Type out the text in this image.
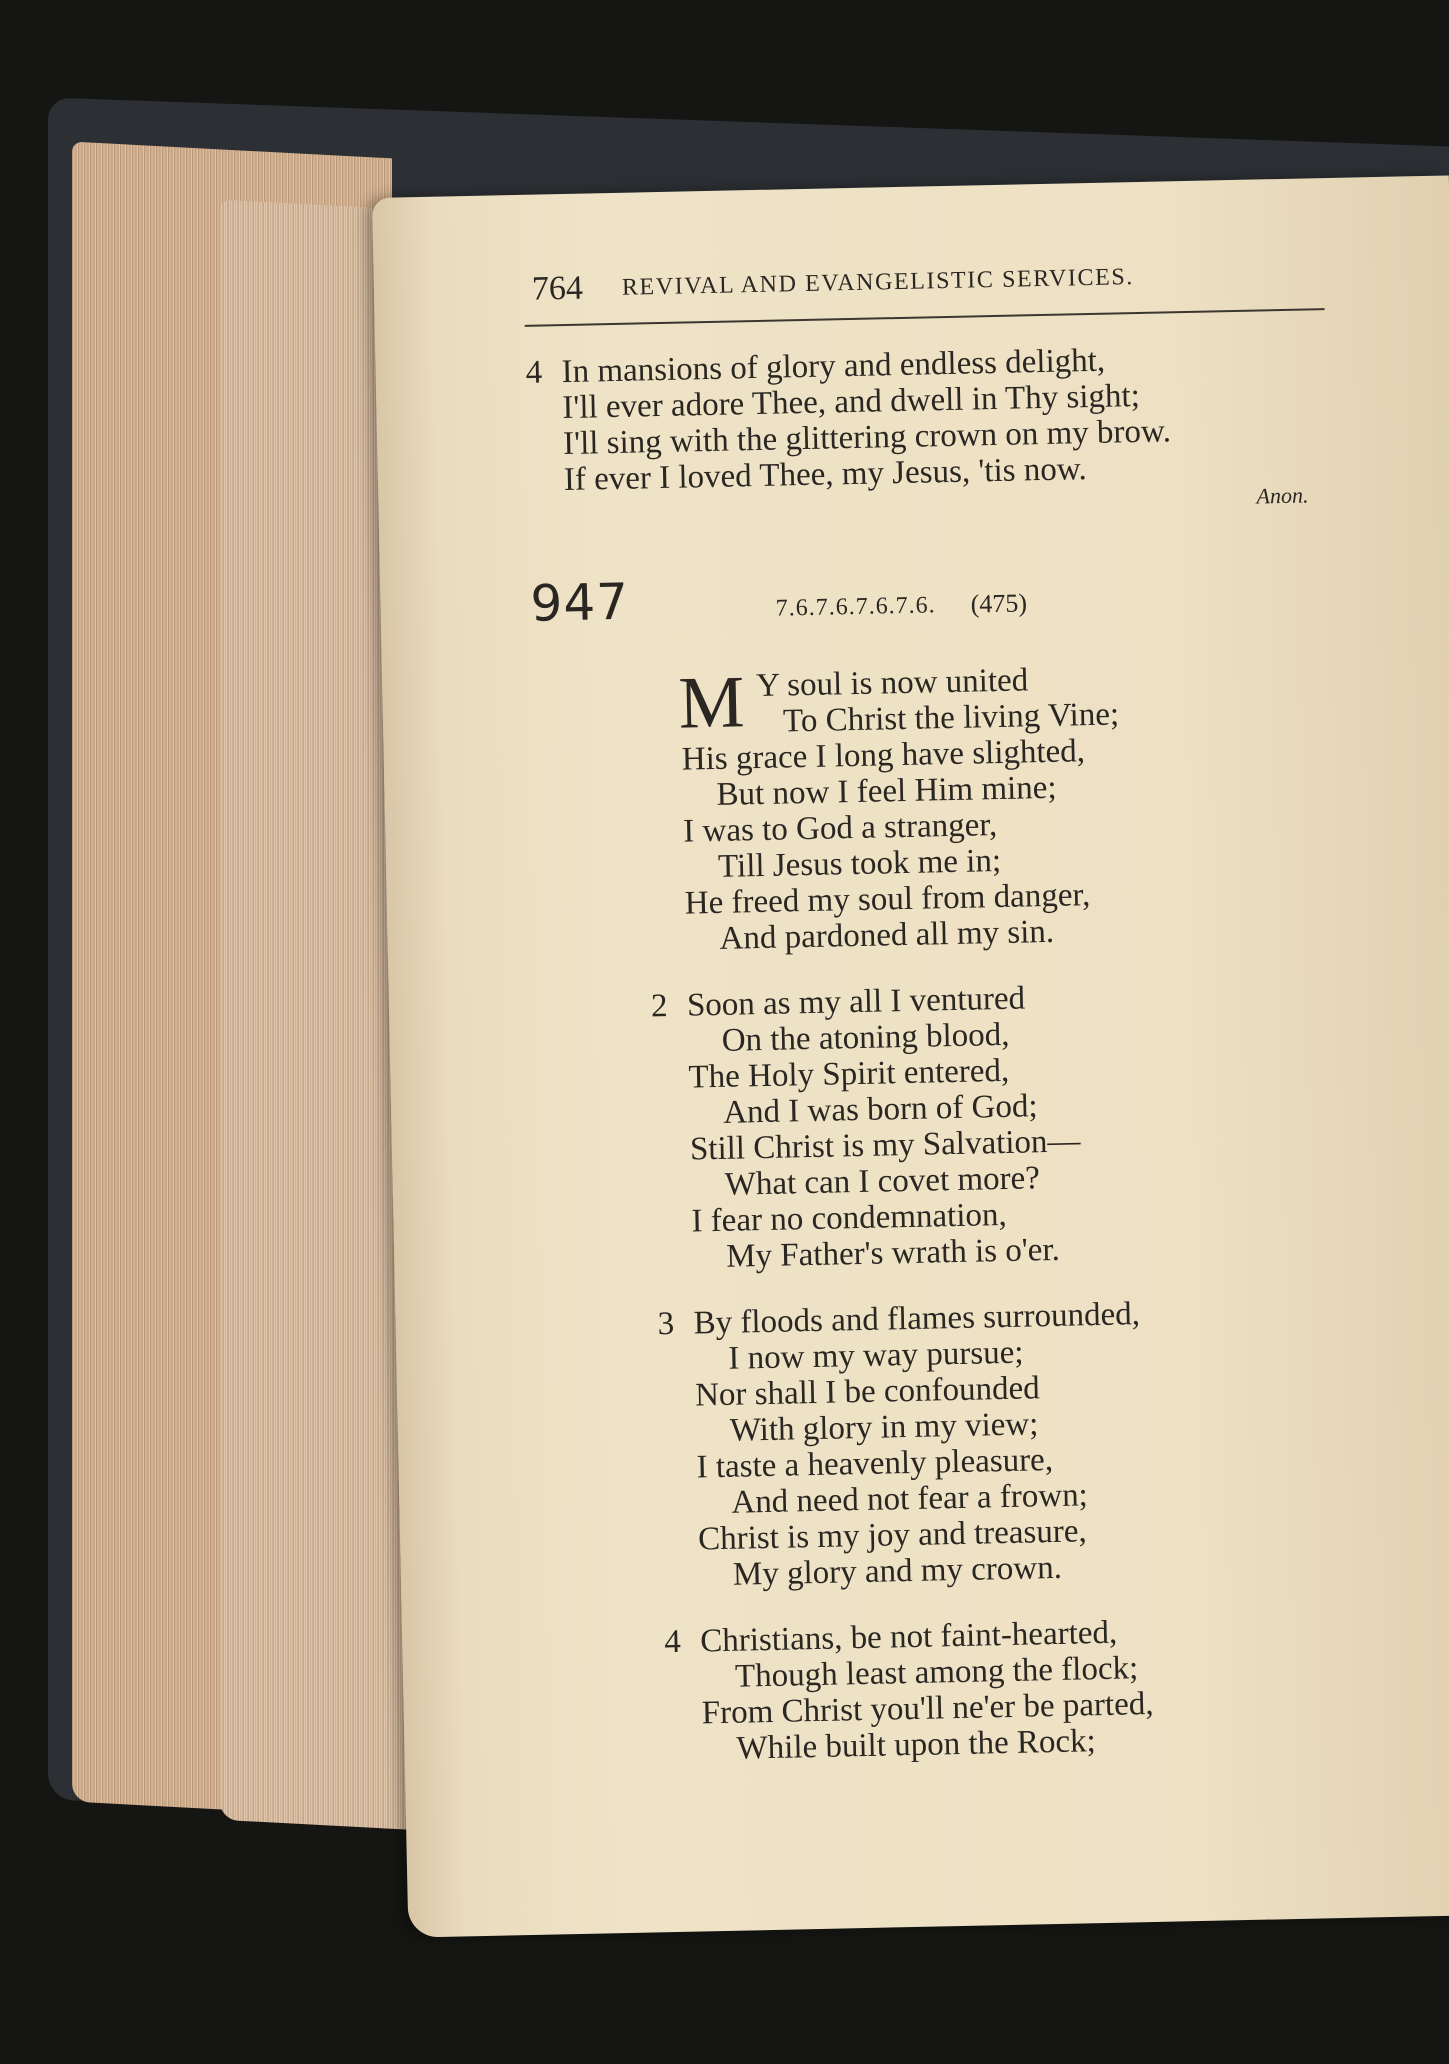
764 REVIVAL AND EVANGELISTIC SERVICES.
4 In mansions of glory and endless delight,
I'll ever adore Thee, and dwell in Thy sight;
I'll sing with the glittering crown on my brow.
If ever I loved Thee, my Jesus, 'tis now.	Anon.
947	7.6.7.6.7.6.7.6. (475)
M Y soul is now united
To Christ the living Vine;
His grace I long have slighted,
But now I feel Him mine;
I was to God a stranger,
Till Jesus took me in;
He freed my soul from danger,
And pardoned all my sin.
2 Soon as my all I ventured
On the atoning blood,
The Holy Spirit entered,
And I was born of God;
Still Christ is my Salvation—
What can I covet more?
I fear no condemnation,
My Father's wrath is o'er.
3 By floods and flames surrounded,
I now my way pursue;
Nor shall I be confounded
With glory in my view;
I taste a heavenly pleasure,
And need not fear a frown;
Christ is my joy and treasure,
My glory and my crown.
4 Christians, be not faint-hearted,
Though least among the flock;
From Christ you'll ne'er be parted,
While built upon the Rock;
